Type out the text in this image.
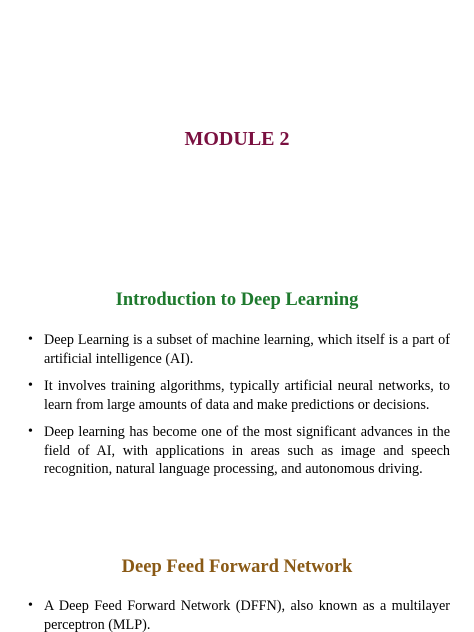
MODULE 2
Introduction to Deep Learning
• Deep Learning is a subset of machine learning, which itself is a part of artificial intelligence (AI).
• It involves training algorithms, typically artificial neural networks, to learn from large amounts of data and make predictions or decisions.
• Deep learning has become one of the most significant advances in the field of AI, with applications in areas such as image and speech recognition, natural language processing, and autonomous driving.
Deep Feed Forward Network
• A Deep Feed Forward Network (DFFN), also known as a multilayer perceptron (MLP).
